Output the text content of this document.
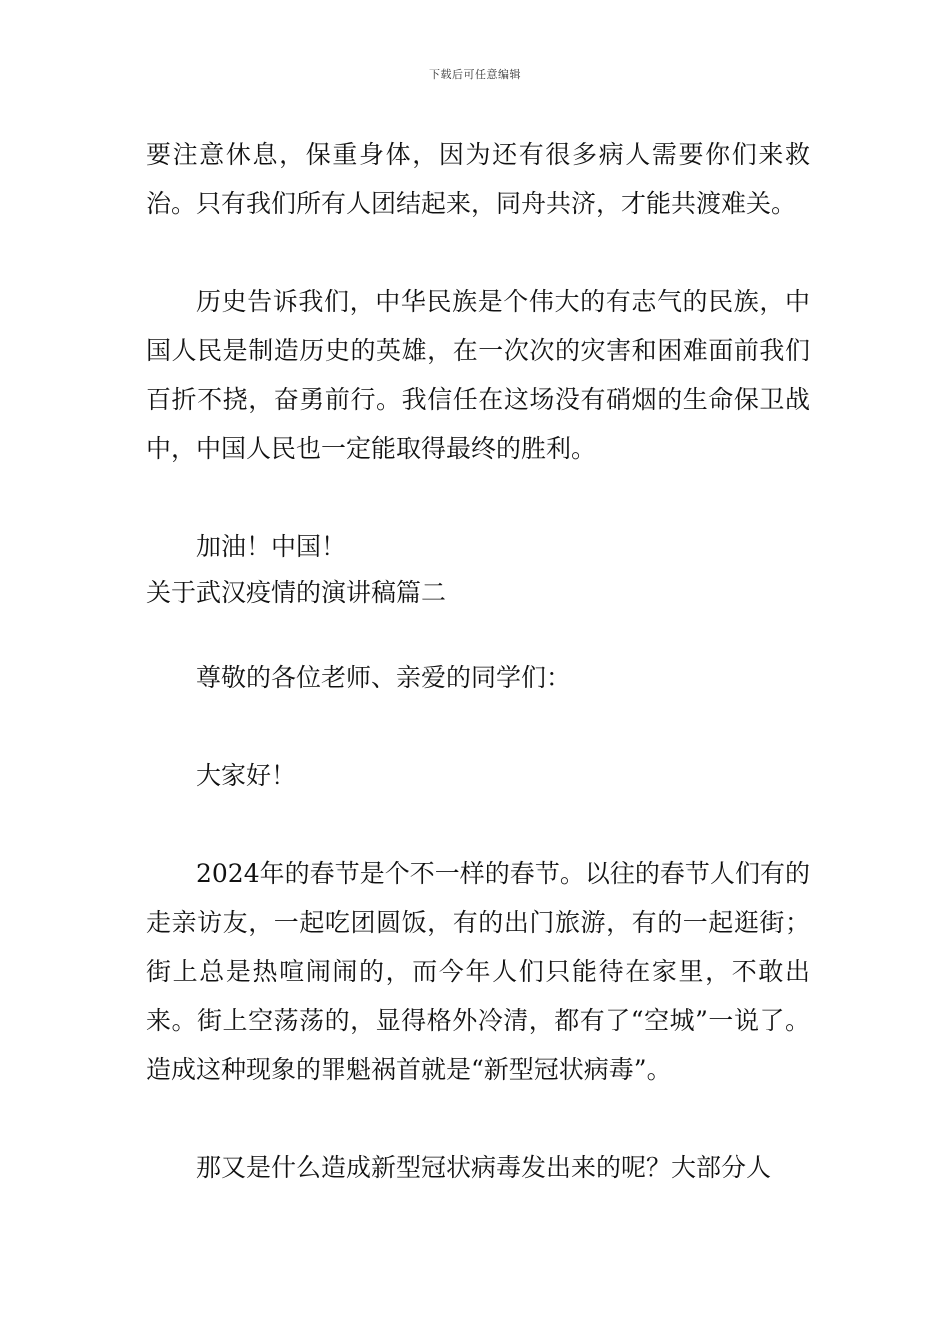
下载后可任意编辑

要注意休息，保重身体，因为还有很多病人需要你们来救治。只有我们所有人团结起来，同舟共济，才能共渡难关。

历史告诉我们，中华民族是个伟大的有志气的民族，中国人民是制造历史的英雄，在一次次的灾害和困难面前我们百折不挠，奋勇前行。我信任在这场没有硝烟的生命保卫战中，中国人民也一定能取得最终的胜利。

加油！中国！

关于武汉疫情的演讲稿篇二

尊敬的各位老师、亲爱的同学们：

大家好！

2024年的春节是个不一样的春节。以往的春节人们有的走亲访友，一起吃团圆饭，有的出门旅游，有的一起逛街；街上总是热喧闹闹的，而今年人们只能待在家里，不敢出来。街上空荡荡的，显得格外冷清，都有了“空城”一说了。造成这种现象的罪魁祸首就是“新型冠状病毒”。

那又是什么造成新型冠状病毒发出来的呢？大部分人
